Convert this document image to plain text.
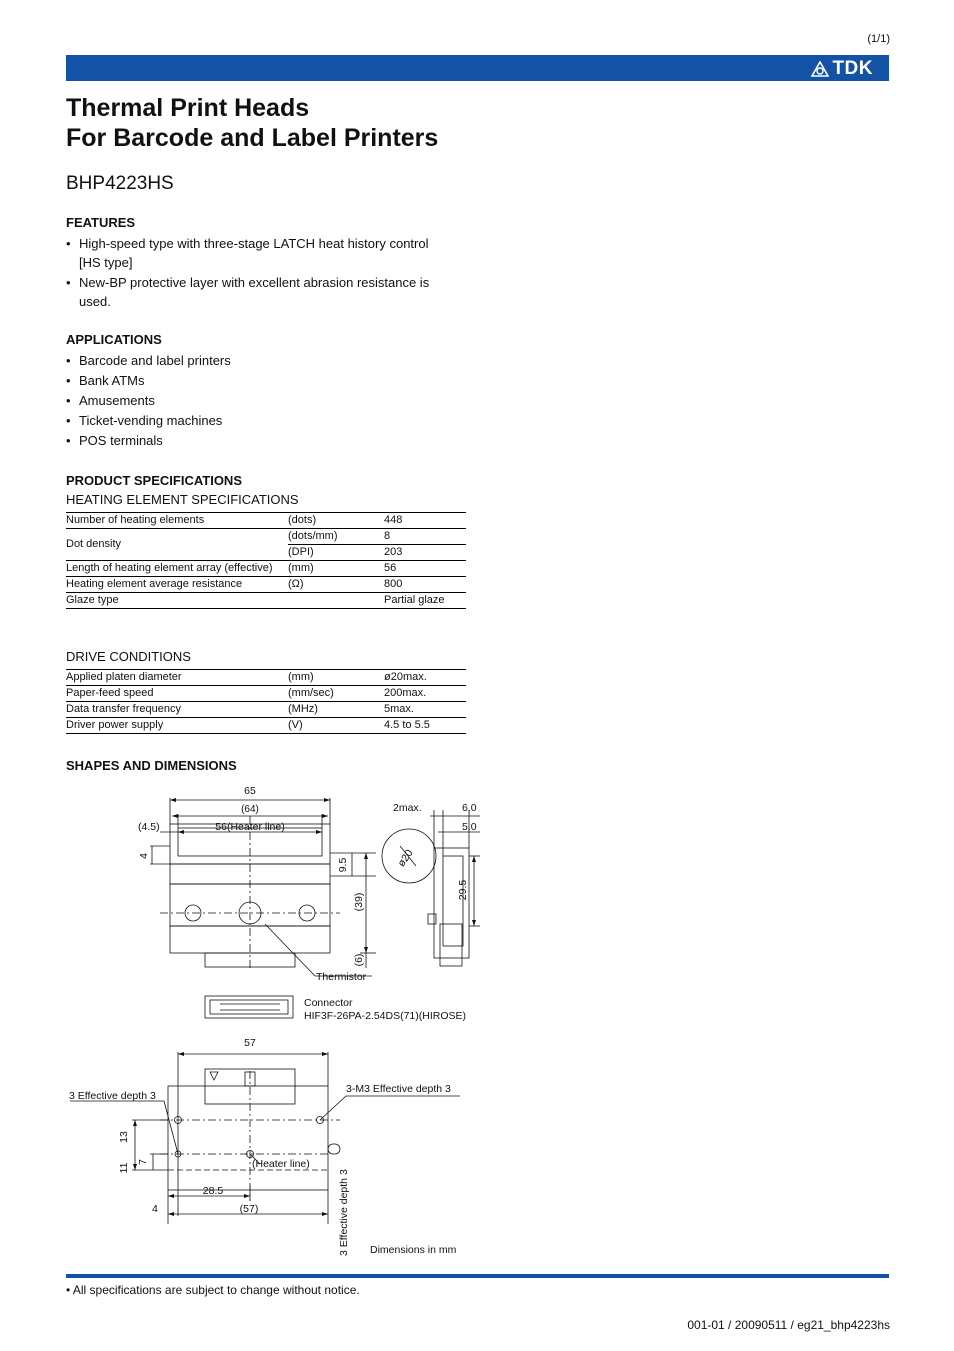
(1/1)
TDK
Thermal Print Heads
For Barcode and Label Printers
BHP4223HS
FEATURES
• High-speed type with three-stage LATCH heat history control [HS type]
• New-BP protective layer with excellent abrasion resistance is used.
APPLICATIONS
• Barcode and label printers
• Bank ATMs
• Amusements
• Ticket-vending machines
• POS terminals
PRODUCT SPECIFICATIONS
HEATING ELEMENT SPECIFICATIONS
Number of heating elements	(dots)	448
Dot density	(dots/mm)	8
	(DPI)	203
Length of heating element array (effective)	(mm)	56
Heating element average resistance	(Ω)	800
Glaze type		Partial glaze
DRIVE CONDITIONS
Applied platen diameter	(mm)	ø20max.
Paper-feed speed	(mm/sec)	200max.
Data transfer frequency	(MHz)	5max.
Driver power supply	(V)	4.5 to 5.5
SHAPES AND DIMENSIONS
65
(64)
(4.5)	56(Heater line)
4
9.5
(39)
(6)
Thermistor
2max.	6.0
5.0
ø20
29.5
Connector
HIF3F-26PA-2.54DS(71)(HIROSE)
57
3 Effective depth 3
3-M3 Effective depth 3
13
11
7	(Heater line)
28.5
4	(57)	3 Effective depth 3 Dimensions in mm
• All specifications are subject to change without notice.
001-01 / 20090511 / eg21_bhp4223hs
